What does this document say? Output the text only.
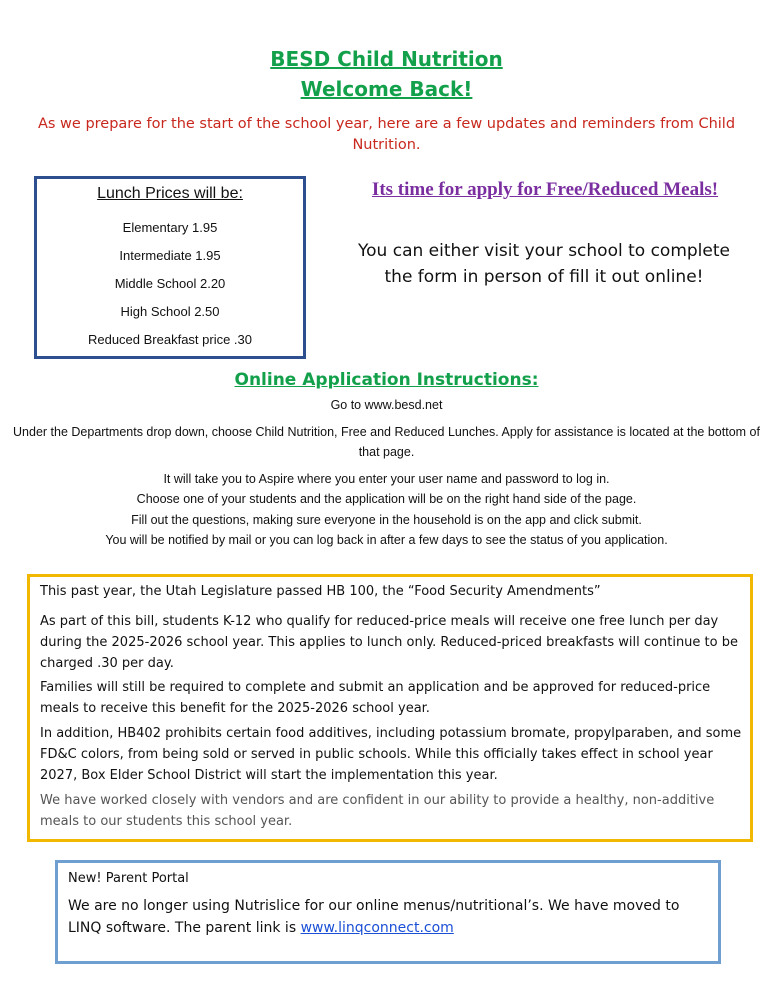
BESD Child Nutrition
Welcome Back!
As we prepare for the start of the school year, here are a few updates and reminders from Child Nutrition.
Lunch Prices will be:
Elementary 1.95
Intermediate 1.95
Middle School 2.20
High School 2.50
Reduced Breakfast price .30
Its time for apply for Free/Reduced Meals!
You can either visit your school to complete the form in person of fill it out online!
Online Application Instructions:
Go to www.besd.net
Under the Departments drop down, choose Child Nutrition, Free and Reduced Lunches. Apply for assistance is located at the bottom of that page.
It will take you to Aspire where you enter your user name and password to log in.
Choose one of your students and the application will be on the right hand side of the page.
Fill out the questions, making sure everyone in the household is on the app and click submit.
You will be notified by mail or you can log back in after a few days to see the status of you application.
This past year, the Utah Legislature passed HB 100, the “Food Security Amendments”
As part of this bill, students K-12 who qualify for reduced-price meals will receive one free lunch per day during the 2025-2026 school year. This applies to lunch only. Reduced-priced breakfasts will continue to be charged .30 per day.
Families will still be required to complete and submit an application and be approved for reduced-price meals to receive this benefit for the 2025-2026 school year.
In addition, HB402 prohibits certain food additives, including potassium bromate, propylparaben, and some FD&C colors, from being sold or served in public schools. While this officially takes effect in school year 2027, Box Elder School District will start the implementation this year.
We have worked closely with vendors and are confident in our ability to provide a healthy, non-additive meals to our students this school year.
New! Parent Portal
We are no longer using Nutrislice for our online menus/nutritional’s. We have moved to LINQ software. The parent link is www.linqconnect.com
